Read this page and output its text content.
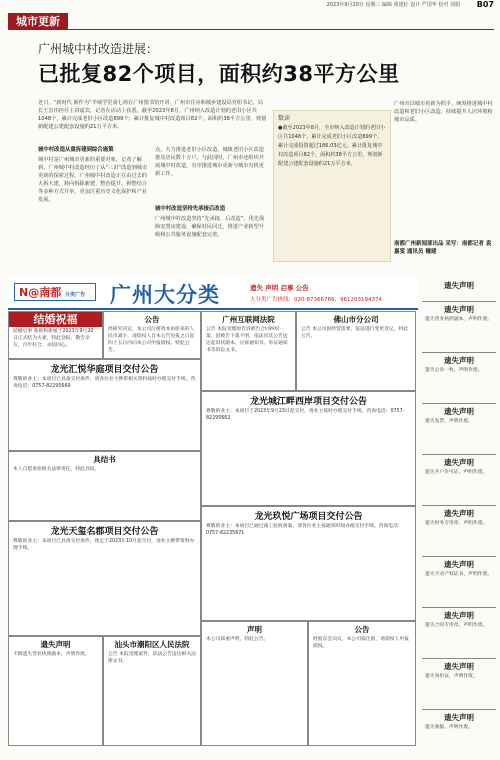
2023年9月20日 星期三 编辑 黄建红 设计 严国华 校对 刘娟 B07
城市更新
广州城中村改造进展：
已批复82个项目，面积约38平方公里
近日，“新时代 新作为”羊城学堂第七场在广州图书馆开讲，广州市住房和城乡建设局党组书记、局长王宏伟担任主讲嘉宾，记者在活动上获悉，截至2023年8月，广州纳入改造计划的老旧小区共1048个，累计完成老旧小区改造899个；累计批复城中村改造项目82个，面积约38平方公里，规划新配建公建配套设施约21万平方米。
城中村改造从重拆建到综合施策
城中村是广州城市更新的重要对象。记者了解到，广州城中村改造经历了从“三旧”改造到城市更新的探索过程。广州城中村改造正在由过去的大拆大建，转向拆除新建、整治提升、拆整结合等多种方式并举，更加注重历史文化保护和产业发展。
点，大力推进老旧小区改造，城镇老旧小区改造惠及居民数十万户。与此同时，广州市还组织开展城中村改造，有序推进城市更新与城市有机更新工作。
城中村改造坚持先承接后改造
广州城中村改造坚持“先承接、后改造”，优先保障安置房建设，确保村民回迁，推进产业转型升级和公共服务设施配套完善。
数读
●截至2023年8月，全市纳入改造计划的老旧小区共1048个，累计完成老旧小区改造899个，累计完成投资超过186.03亿元。累计批复城中村改造项目82个，面积约38平方公里，规划新配建公建配套设施约21万平方米。
广州市以城市更新为抓手，统筹推进城中村改造和老旧小区改造，持续提升人居环境和城市品质。
南都广州新闻部出品 采写：南都记者 袁嘉雯 通讯员 穗建
N@南都 分类广告	广州大分类	遗失 声明 启事 公告
大分类广告热线：020-87366766、961203194374
结婚祝福
结婚启事 新郎和新娘于2023年9月20日正式结为夫妻，特此登报，敬告亲友，百年好合，永结同心。
公告
经研究决定，本公司注册资本由原来的人民币减少，请债权人自本公告见报之日起四十五日内向本公司申报债权。特此公告。
龙光汇悦华庭项目交付公告
尊敬的业主：本项目已具备交付条件，请各位业主携带相关资料按时办理交付手续。咨询电话：0757-82295669
具结书
本人自愿承担相关法律责任，特此具结。
龙光天玺名郡项目交付公告
尊敬的业主：本项目已具备交付条件，现定于2023年10月起交付，请业主携带资料办理手续。
遗失声明
不慎遗失营业执照副本，声明作废。
汕头市潮阳区人民法院
公告 本院受理案件，依法公告送达相关法律文书。
广州互联网法院
公告 本院受理原告诉被告合同纠纷一案，因被告下落不明，依法向其公告送达起诉状副本、应诉通知书、举证通知书等诉讼文书。
龙光城江畔西岸项目交付公告
尊敬的业主：本项目于2023年9月23日起交付，请业主按时办理交付手续。咨询电话：0757-82295662
龙光玖悦广场项目交付公告
尊敬的业主：本项目已通过竣工验收备案，请各位业主按通知时间办理交付手续。咨询电话：0757-82235671
声明
本公司郑重声明，特此公告。
公告
经股东会决议，本公司拟注销，请债权人申报债权。
佛山市分公司
公告 本公司因经营需要，依法进行变更登记，特此公告。
遗失声明
遗失声明
遗失营业执照副本，声明作废。
遗失声明
遗失公章一枚，声明作废。
遗失声明
遗失发票，声明作废。
遗失声明
遗失开户许可证，声明作废。
遗失声明
遗失财务专用章，声明作废。
遗失声明
遗失不动产权证书，声明作废。
遗失声明
遗失合同专用章，声明作废。
遗失声明
遗失身份证，声明作废。
遗失声明
遗失收据，声明作废。
